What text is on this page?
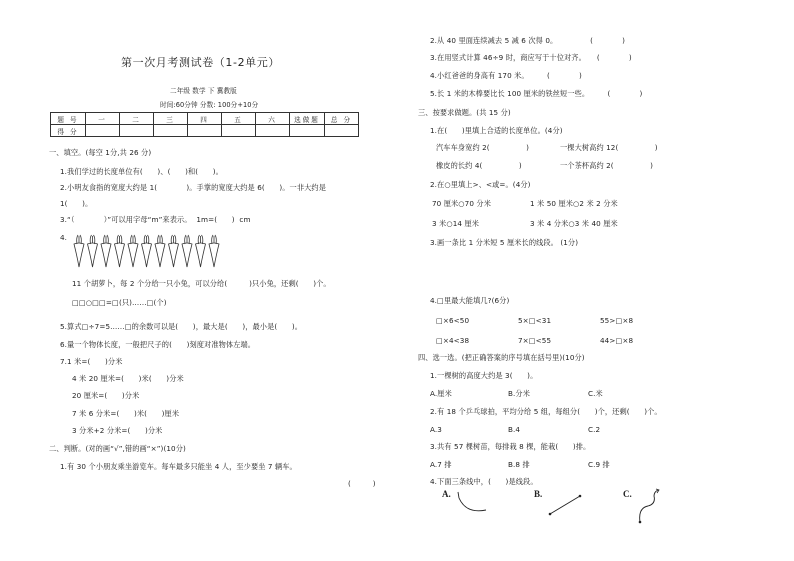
第一次月考测试卷（1-2单元）
二年级 数学 下 冀教版
时间:60分钟 分数: 100分+10分
题 号	一	二	三	四	五	六	选做题	总 分
得 分								
一、填空。(每空 1分,共 26 分)
1.我们学过的长度单位有(　　)、(　　)和(　　)。
2.小明友食指的宽度大约是 1(　　　　)。手掌的宽度大约是 6(　　)。一非大约是
1(　　)。
3.“（　　　　）”可以用字母“m”来表示。  1m=(　　)  cm
4.
11 个胡萝卜，每 2 个分给一只小兔，可以分给(　　　)只小兔，还剩(　　)个。
□□○□□=□(只)……□(个)
5.算式□÷7=5……□的余数可以是(　　)，最大是(　　)，最小是(　　)。
6.量一个物体长度，一般把尺子的(　　)刻度对准物体左端。
7.1 米=(　　)分米
4 米 20 厘米=(　　)米(　　)分米
20 厘米=(　　)分米
7 米 6 分米=(　　)米(　　)厘米
3 分米+2 分米=(　　)分米
二、判断。(对的画“√”,错的画“×”)(10分)
1.有 30 个小朋友乘坐游览车。每车最多只能坐 4 人，至少要坐 7 辆车。
(　　　)
2.从 40 里面连续减去 5 减 6 次得 0。　　　　　(　　　　)
3.在用竖式计算 46÷9 时，商应写于十位对齐。　　(　　　　)
4.小红爸爸的身高有 170 米。　　　(　　　　)
5.长 1 米的木棒要比长 100 厘米的铁丝短一些。　　　(　　　　)
三、按要求做题。(共 15 分)
1.在(　　)里填上合适的长度单位。(4分)
汽车车身宽约 2(　　　　　)	一棵大树高约 12(　　　　　)
橡皮的长约 4(　　　　　)	一个茶杯高约 2(　　　　　)
2.在○里填上>、<或=。(4分)
70 厘米○70 分米	1 米 50 厘米○2 米 2 分米
3 米○14 厘米	3 米 4 分米○3 米 40 厘米
3.画一条比 1 分米短 5 厘米长的线段。 (1分)
4.□里最大能填几?(6分)
□×6<50	5×□<31	55>□×8
□×4<38	7×□<55	44>□×8
四、选一选。(把正确答案的序号填在括号里)(10分)
1.一棵树的高度大约是 3(　　)。
A.厘米	B.分米	C.米
2.有 18 个乒乓球拍，平均分给 5 组，每组分(　　)个，还剩(　　)个。
A.3	B.4	C.2
3.共有 57 棵树苗，每排栽 8 棵，能栽(　　)排。
A.7 排	B.8 排	C.9 排
4.下面三条线中，(　　)是线段。
A.	B.	C.
